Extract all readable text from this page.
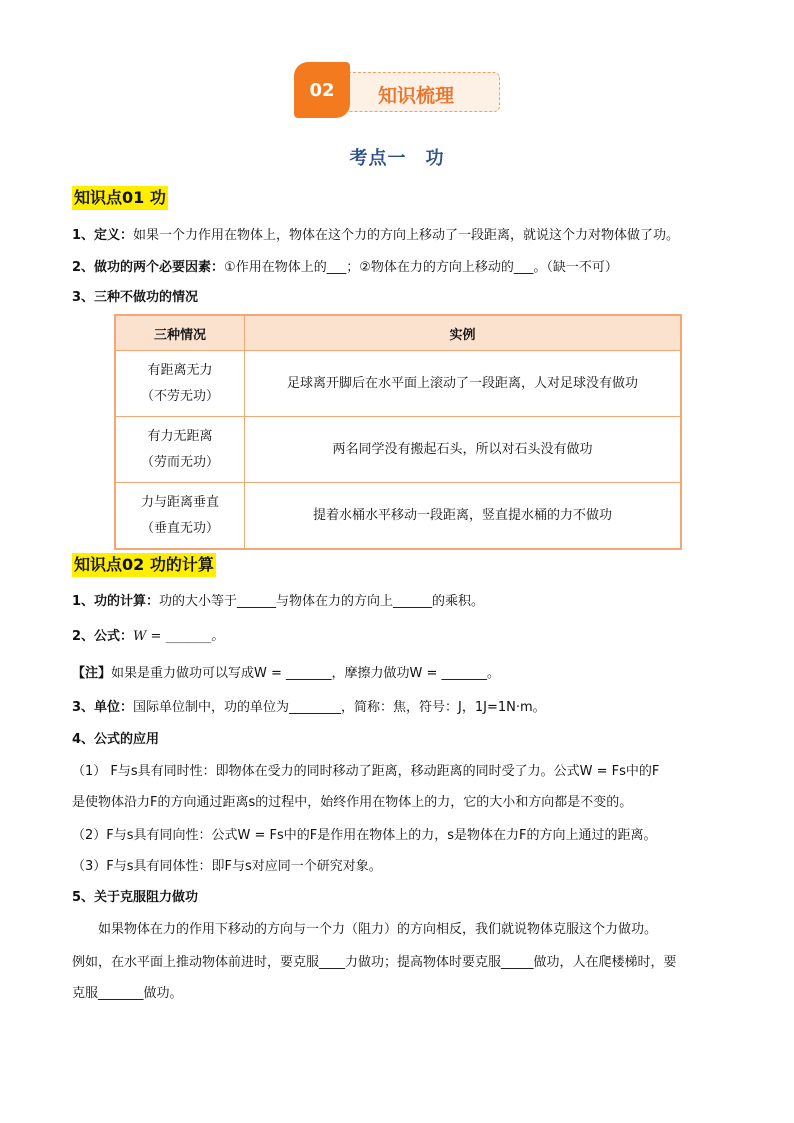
02	知识梳理
考点一　功
知识点01 功
1、定义：如果一个力作用在物体上，物体在这个力的方向上移动了一段距离，就说这个力对物体做了功。
2、做功的两个必要因素：①作用在物体上的___；②物体在力的方向上移动的___。（缺一不可）
3、三种不做功的情况
三种情况	实例

有距离无力
（不劳无功）	足球离开脚后在水平面上滚动了一段距离，人对足球没有做功

有力无距离
（劳而无功）	两名同学没有搬起石头，所以对石头没有做功

力与距离垂直
（垂直无功）	提着水桶水平移动一段距离，竖直提水桶的力不做功
知识点02 功的计算
1、功的计算：功的大小等于______与物体在力的方向上______的乘积。
2、公式：W = _______。
【注】如果是重力做功可以写成W = _______，摩擦力做功W = _______。
3、单位：国际单位制中，功的单位为________，简称：焦，符号：J，1J=1N·m。
4、公式的应用
（1） F与s具有同时性：即物体在受力的同时移动了距离，移动距离的同时受了力。公式W = Fs中的F
是使物体沿力F的方向通过距离s的过程中，始终作用在物体上的力，它的大小和方向都是不变的。
（2）F与s具有同向性：公式W = Fs中的F是作用在物体上的力，s是物体在力F的方向上通过的距离。
（3）F与s具有同体性：即F与s对应同一个研究对象。
5、关于克服阻力做功
如果物体在力的作用下移动的方向与一个力（阻力）的方向相反，我们就说物体克服这个力做功。
例如，在水平面上推动物体前进时，要克服____力做功；提高物体时要克服_____做功，人在爬楼梯时，要
克服_______做功。
